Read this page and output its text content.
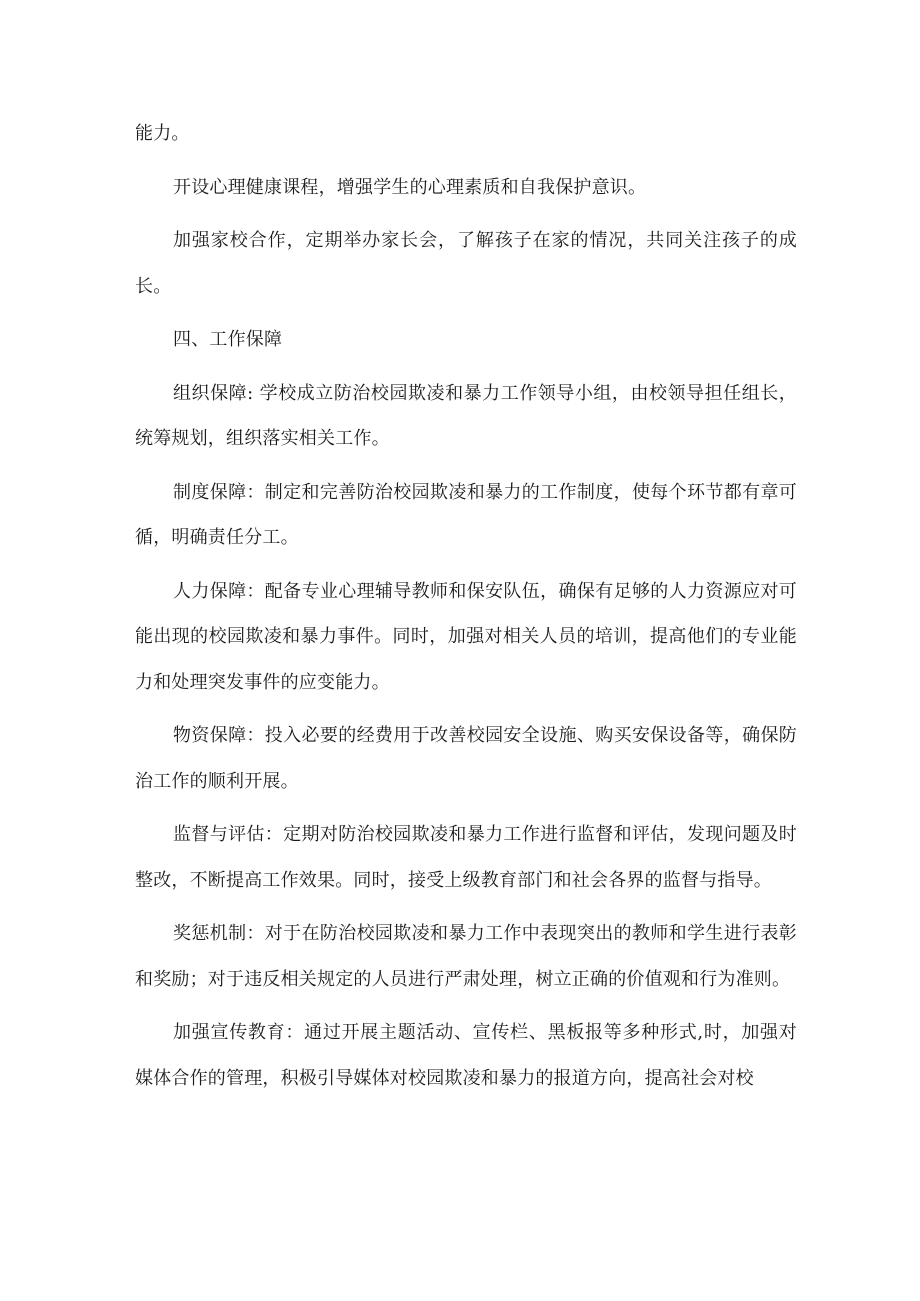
能力。

开设心理健康课程，增强学生的心理素质和自我保护意识。

加强家校合作，定期举办家长会，了解孩子在家的情况，共同关注孩子的成长。

四、工作保障

组织保障: 学校成立防治校园欺凌和暴力工作领导小组，由校领导担任组长，统筹规划，组织落实相关工作。

制度保障：制定和完善防治校园欺凌和暴力的工作制度，使每个环节都有章可循，明确责任分工。

人力保障：配备专业心理辅导教师和保安队伍，确保有足够的人力资源应对可能出现的校园欺凌和暴力事件。同时，加强对相关人员的培训，提高他们的专业能力和处理突发事件的应变能力。

物资保障：投入必要的经费用于改善校园安全设施、购买安保设备等，确保防治工作的顺利开展。

监督与评估：定期对防治校园欺凌和暴力工作进行监督和评估，发现问题及时整改，不断提高工作效果。同时，接受上级教育部门和社会各界的监督与指导。

奖惩机制：对于在防治校园欺凌和暴力工作中表现突出的教师和学生进行表彰和奖励；对于违反相关规定的人员进行严肃处理，树立正确的价值观和行为准则。

加强宣传教育：通过开展主题活动、宣传栏、黑板报等多种形式,时，加强对媒体合作的管理，积极引导媒体对校园欺凌和暴力的报道方向，提高社会对校
